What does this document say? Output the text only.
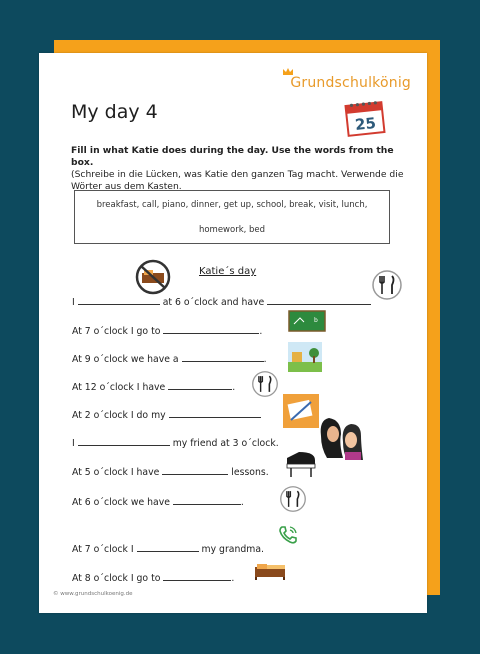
Grundschulkönig
My day 4
25
Fill in what Katie does during the day. Use the words from the box.
(Schreibe in die Lücken, was Katie den ganzen Tag macht. Verwende die Wörter aus dem Kasten.
breakfast, call, piano, dinner, get up, school, break, visit, lunch,
homework, bed
I	at 6 o´clock and have
b
At 7 o´clock I go to	.
At 9 o´clock we have a	.
At 12 o´clock I have	.
At 2 o´clock I do my
I	my friend at 3 o´clock.
At 5 o´clock I have	lessons.
At 6 o´clock we have	.
At 7 o´clock I	my grandma.
At 8 o´clock I go to	.
Katie´s day
© www.grundschulkoenig.de
